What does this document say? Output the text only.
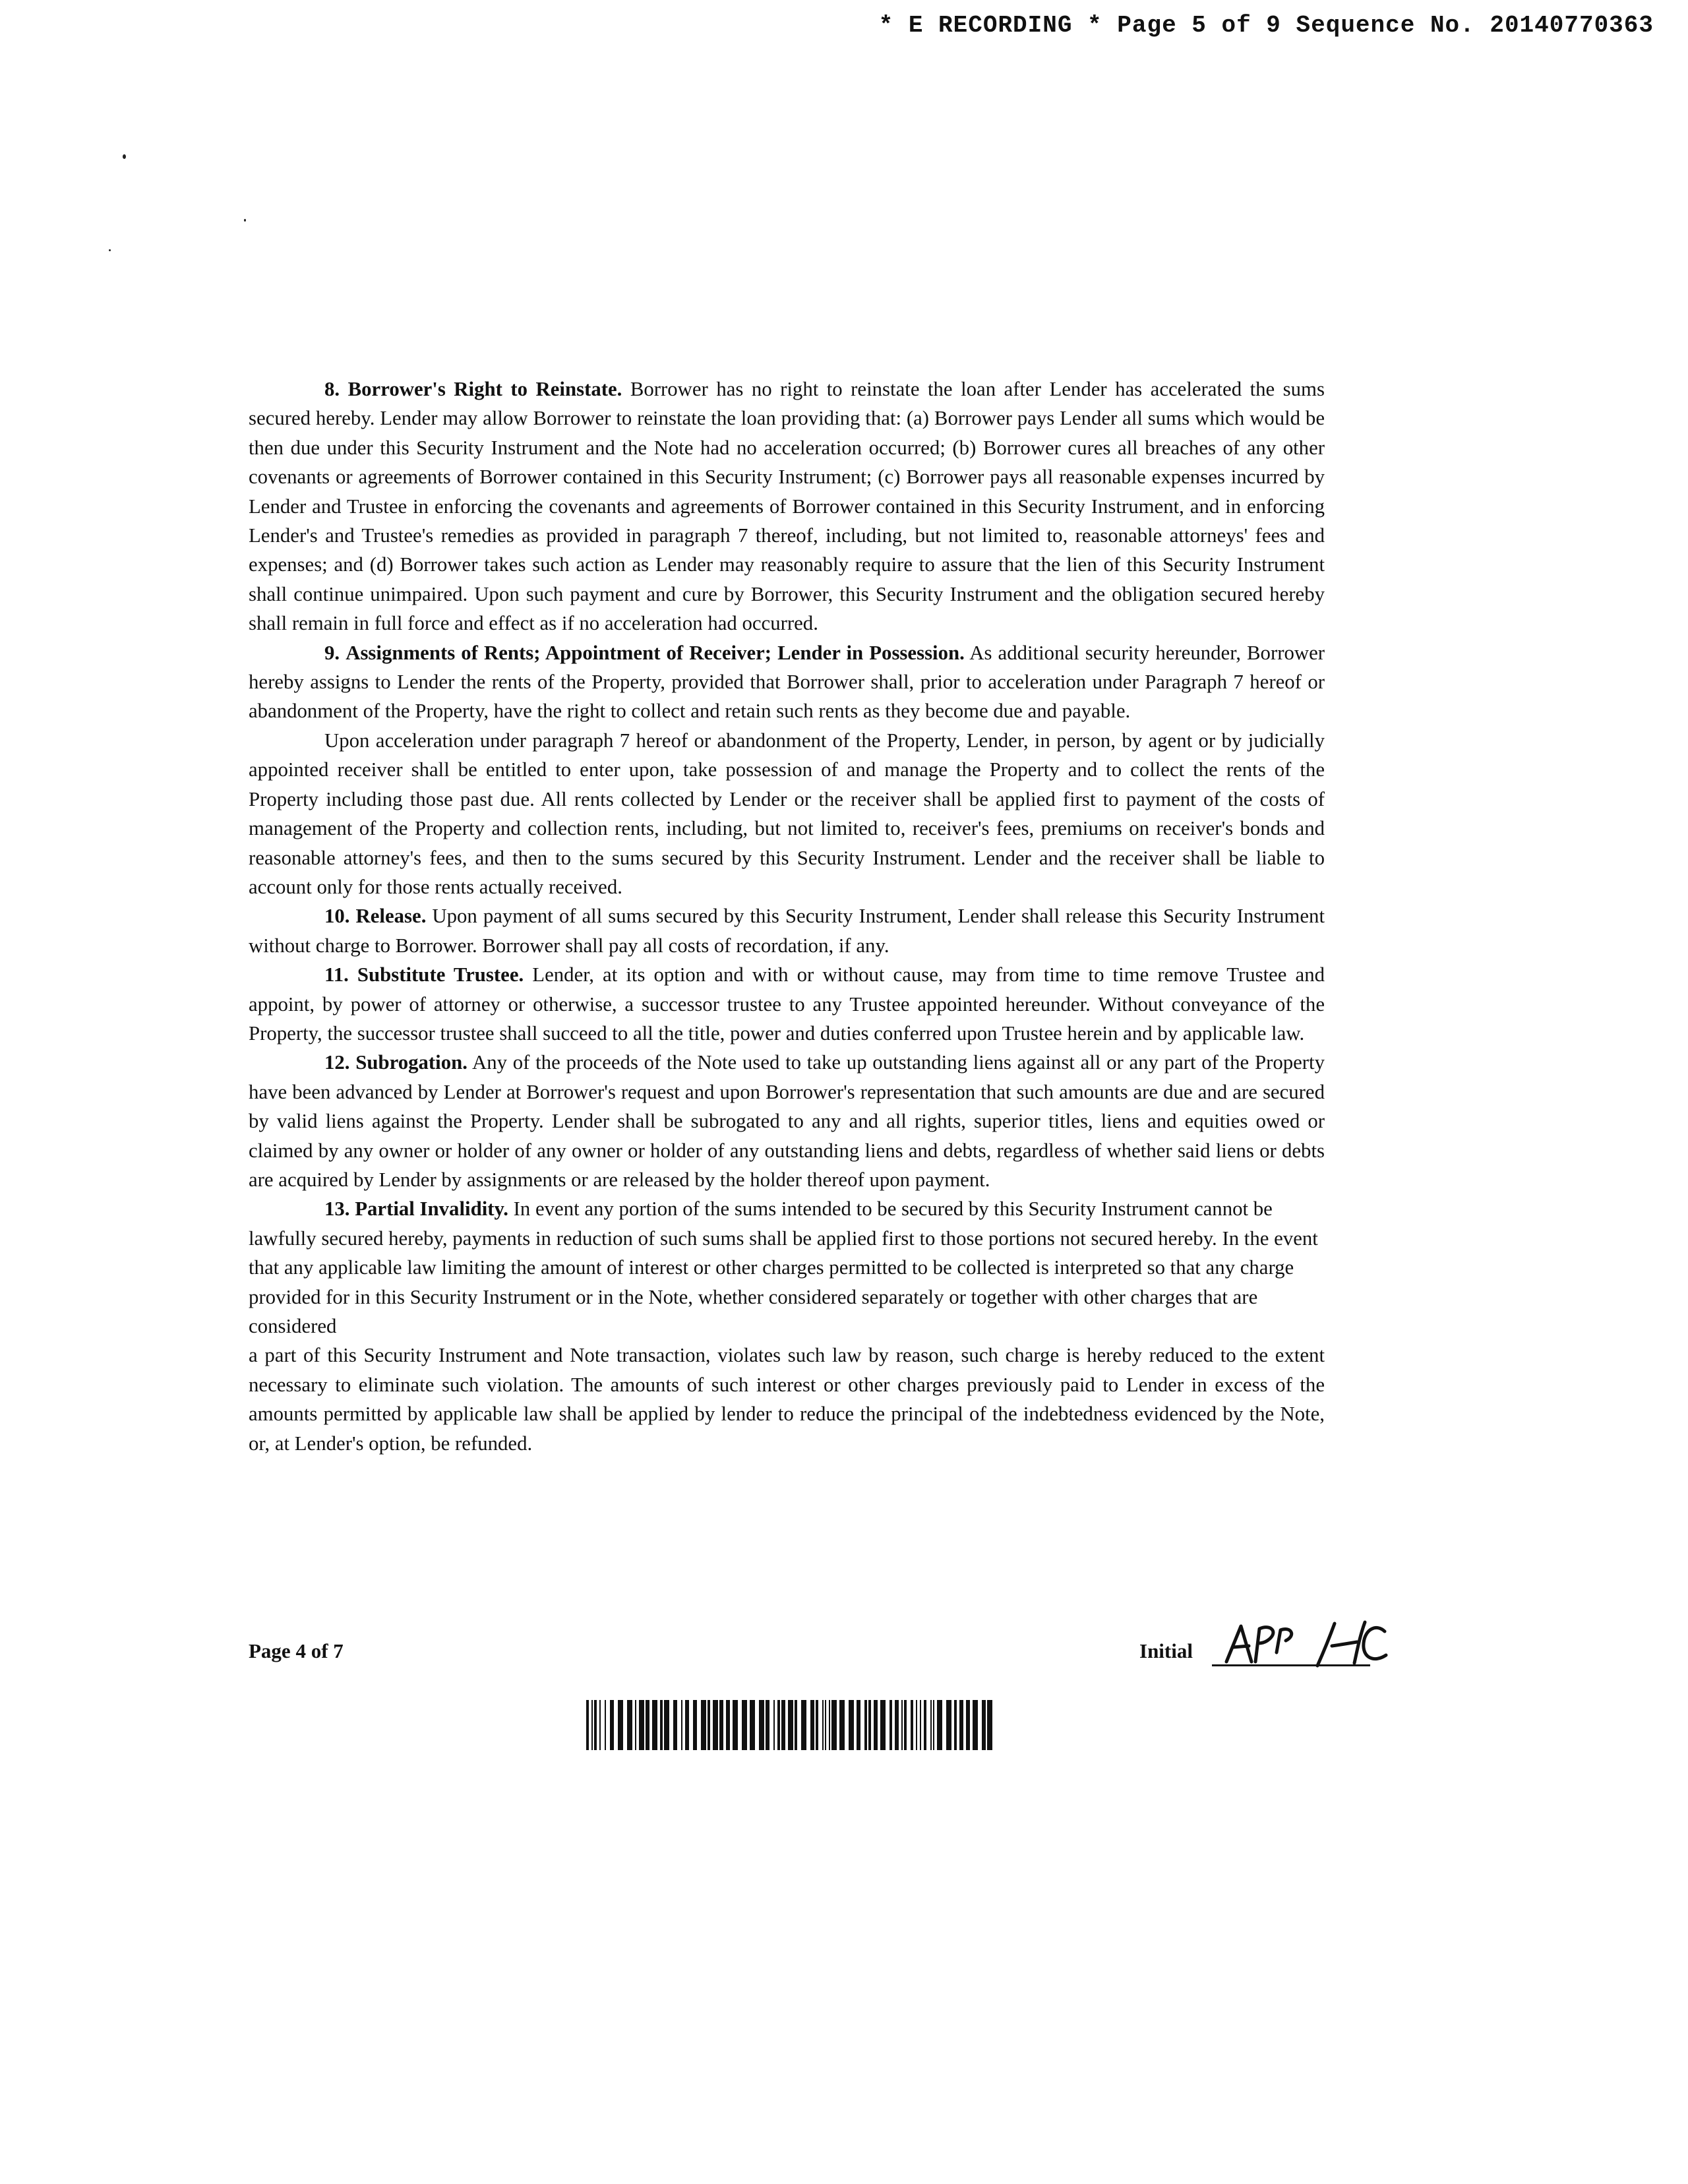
* E RECORDING * Page 5 of 9 Sequence No. 20140770363

8. Borrower's Right to Reinstate. Borrower has no right to reinstate the loan after Lender has accelerated the sums secured hereby. Lender may allow Borrower to reinstate the loan providing that: (a) Borrower pays Lender all sums which would be then due under this Security Instrument and the Note had no acceleration occurred; (b) Borrower cures all breaches of any other covenants or agreements of Borrower contained in this Security Instrument; (c) Borrower pays all reasonable expenses incurred by Lender and Trustee in enforcing the covenants and agreements of Borrower contained in this Security Instrument, and in enforcing Lender's and Trustee's remedies as provided in paragraph 7 thereof, including, but not limited to, reasonable attorneys' fees and expenses; and (d) Borrower takes such action as Lender may reasonably require to assure that the lien of this Security Instrument shall continue unimpaired. Upon such payment and cure by Borrower, this Security Instrument and the obligation secured hereby shall remain in full force and effect as if no acceleration had occurred.

9. Assignments of Rents; Appointment of Receiver; Lender in Possession. As additional security hereunder, Borrower hereby assigns to Lender the rents of the Property, provided that Borrower shall, prior to acceleration under Paragraph 7 hereof or abandonment of the Property, have the right to collect and retain such rents as they become due and payable.

Upon acceleration under paragraph 7 hereof or abandonment of the Property, Lender, in person, by agent or by judicially appointed receiver shall be entitled to enter upon, take possession of and manage the Property and to collect the rents of the Property including those past due. All rents collected by Lender or the receiver shall be applied first to payment of the costs of management of the Property and collection rents, including, but not limited to, receiver's fees, premiums on receiver's bonds and reasonable attorney's fees, and then to the sums secured by this Security Instrument. Lender and the receiver shall be liable to account only for those rents actually received.

10. Release. Upon payment of all sums secured by this Security Instrument, Lender shall release this Security Instrument without charge to Borrower. Borrower shall pay all costs of recordation, if any.

11. Substitute Trustee. Lender, at its option and with or without cause, may from time to time remove Trustee and appoint, by power of attorney or otherwise, a successor trustee to any Trustee appointed hereunder. Without conveyance of the Property, the successor trustee shall succeed to all the title, power and duties conferred upon Trustee herein and by applicable law.

12. Subrogation. Any of the proceeds of the Note used to take up outstanding liens against all or any part of the Property have been advanced by Lender at Borrower's request and upon Borrower's representation that such amounts are due and are secured by valid liens against the Property. Lender shall be subrogated to any and all rights, superior titles, liens and equities owed or claimed by any owner or holder of any owner or holder of any outstanding liens and debts, regardless of whether said liens or debts are acquired by Lender by assignments or are released by the holder thereof upon payment.

13. Partial Invalidity. In event any portion of the sums intended to be secured by this Security Instrument cannot be lawfully secured hereby, payments in reduction of such sums shall be applied first to those portions not secured hereby. In the event that any applicable law limiting the amount of interest or other charges permitted to be collected is interpreted so that any charge provided for in this Security Instrument or in the Note, whether considered separately or together with other charges that are considered

a part of this Security Instrument and Note transaction, violates such law by reason, such charge is hereby reduced to the extent necessary to eliminate such violation. The amounts of such interest or other charges previously paid to Lender in excess of the amounts permitted by applicable law shall be applied by lender to reduce the principal of the indebtedness evidenced by the Note, or, at Lender's option, be refunded.

Page 4 of 7	Initial
